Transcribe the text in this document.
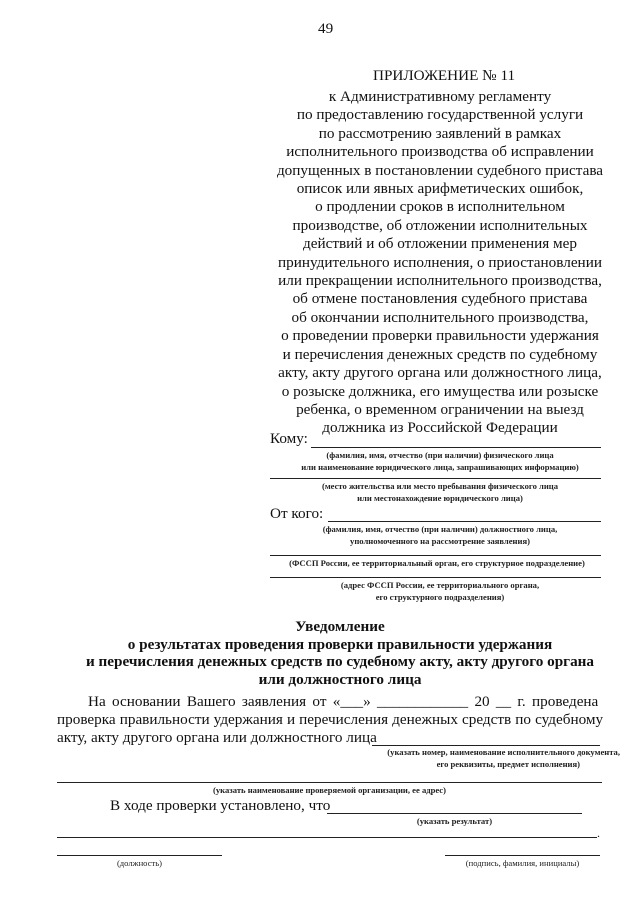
49
ПРИЛОЖЕНИЕ № 11
к Административному регламенту
по предоставлению государственной услуги
по рассмотрению заявлений в рамках
исполнительного производства об исправлении
допущенных в постановлении судебного пристава
описок или явных арифметических ошибок,
о продлении сроков в исполнительном
производстве, об отложении исполнительных
действий и об отложении применения мер
принудительного исполнения, о приостановлении
или прекращении исполнительного производства,
об отмене постановления судебного пристава
об окончании исполнительного производства,
о проведении проверки правильности удержания
и перечисления денежных средств по судебному
акту, акту другого органа или должностного лица,
о розыске должника, его имущества или розыске
ребенка, о временном ограничении на выезд
должника из Российской Федерации
Кому:
(фамилия, имя, отчество (при наличии) физического лица
или наименование юридического лица, запрашивающих информацию)
(место жительства или место пребывания физического лица
или местонахождение юридического лица)
От кого:
(фамилия, имя, отчество (при наличии) должностного лица,
уполномоченного на рассмотрение заявления)
(ФССП России, ее территориальный орган, его структурное подразделение)
(адрес ФССП России, ее территориального органа,
его структурного подразделения)
Уведомление
о результатах проведения проверки правильности удержания
и перечисления денежных средств по судебному акту, акту другого органа
или должностного лица
На основании Вашего заявления от «___» ____________ 20 __ г. проведена
проверка правильности удержания и перечисления денежных средств по судебному
акту, акту другого органа или должностного лица
(указать номер, наименование исполнительного документа,
его реквизиты, предмет исполнения)
(указать наименование проверяемой организации, ее адрес)
В ходе проверки установлено, что
(указать результат)
.
(должность)	(подпись, фамилия, инициалы)
